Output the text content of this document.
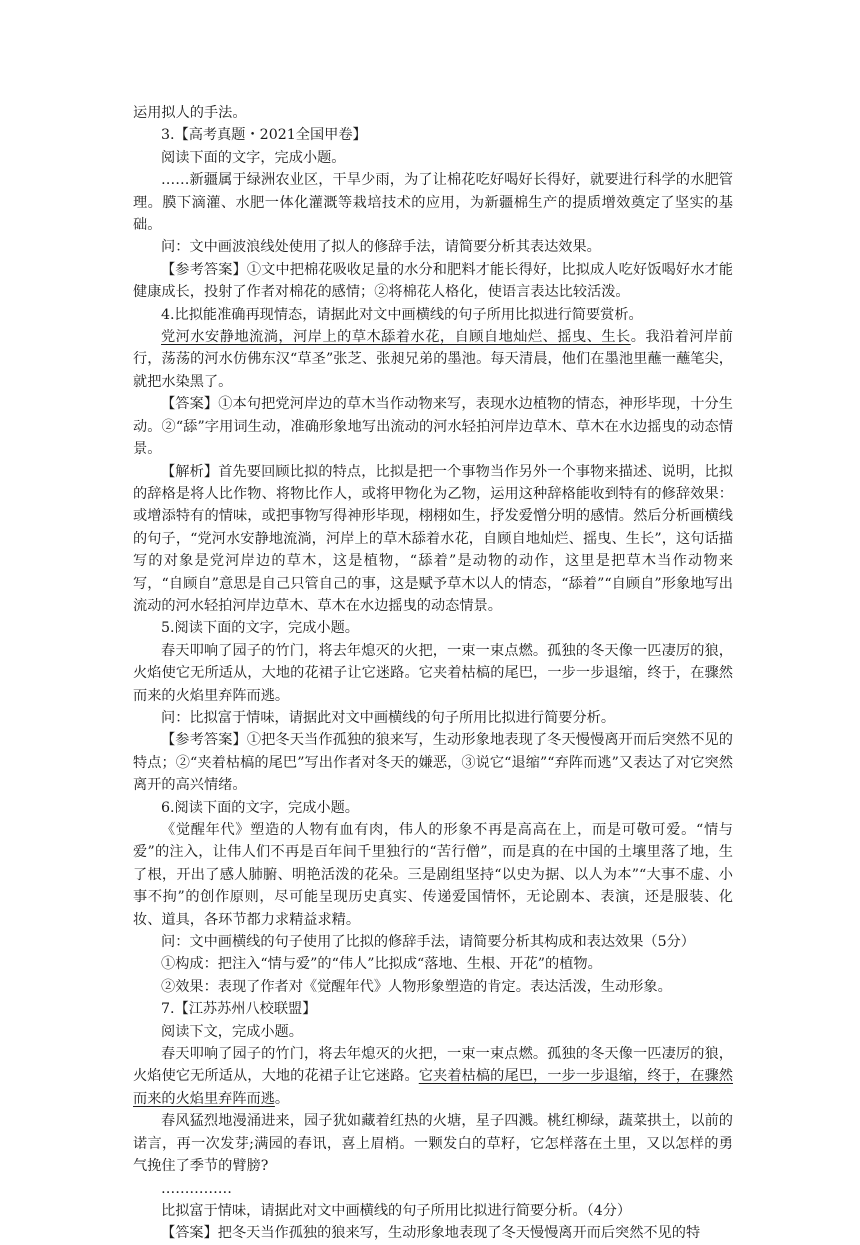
运用拟人的手法。

3.【高考真题・2021全国甲卷】

阅读下面的文字，完成小题。

……新疆属于绿洲农业区，干旱少雨，为了让棉花吃好喝好长得好，就要进行科学的水肥管理。膜下滴灌、水肥一体化灌溉等栽培技术的应用，为新疆棉生产的提质增效奠定了坚实的基础。

问：文中画波浪线处使用了拟人的修辞手法，请简要分析其表达效果。

【参考答案】①文中把棉花吸收足量的水分和肥料才能长得好，比拟成人吃好饭喝好水才能健康成长，投射了作者对棉花的感情；②将棉花人格化，使语言表达比较活泼。

4.比拟能准确再现情态，请据此对文中画横线的句子所用比拟进行简要赏析。

党河水安静地流淌，河岸上的草木舔着水花，自顾自地灿烂、摇曳、生长。我沿着河岸前行，荡荡的河水仿佛东汉“草圣”张芝、张昶兄弟的墨池。每天清晨，他们在墨池里蘸一蘸笔尖，就把水染黑了。

【答案】①本句把党河岸边的草木当作动物来写，表现水边植物的情态，神形毕现，十分生动。②“舔”字用词生动，准确形象地写出流动的河水轻拍河岸边草木、草木在水边摇曳的动态情景。

【解析】首先要回顾比拟的特点，比拟是把一个事物当作另外一个事物来描述、说明，比拟的辞格是将人比作物、将物比作人，或将甲物化为乙物，运用这种辞格能收到特有的修辞效果：或增添特有的情味，或把事物写得神形毕现，栩栩如生，抒发爱憎分明的感情。然后分析画横线的句子，“党河水安静地流淌，河岸上的草木舔着水花，自顾自地灿烂、摇曳、生长”，这句话描写的对象是党河岸边的草木，这是植物，“舔着”是动物的动作，这里是把草木当作动物来写，“自顾自”意思是自己只管自己的事，这是赋予草木以人的情态，“舔着”“自顾自”形象地写出流动的河水轻拍河岸边草木、草木在水边摇曳的动态情景。

5.阅读下面的文字，完成小题。

春天叩响了园子的竹门，将去年熄灭的火把，一束一束点燃。孤独的冬天像一匹凄厉的狼，火焰使它无所适从，大地的花裙子让它迷路。它夹着枯槁的尾巴，一步一步退缩，终于，在骤然而来的火焰里弃阵而逃。

问：比拟富于情味，请据此对文中画横线的句子所用比拟进行简要分析。

【参考答案】①把冬天当作孤独的狼来写，生动形象地表现了冬天慢慢离开而后突然不见的特点；②“夹着枯槁的尾巴”写出作者对冬天的嫌恶，③说它“退缩”“弃阵而逃”又表达了对它突然离开的高兴情绪。

6.阅读下面的文字，完成小题。

《觉醒年代》塑造的人物有血有肉，伟人的形象不再是高高在上，而是可敬可爱。“情与爱”的注入，让伟人们不再是百年间千里独行的“苦行僧”，而是真的在中国的土壤里落了地，生了根，开出了感人肺腑、明艳活泼的花朵。三是剧组坚持“以史为据、以人为本”“大事不虚、小事不拘”的创作原则，尽可能呈现历史真实、传递爱国情怀，无论剧本、表演，还是服装、化妆、道具，各环节都力求精益求精。

问：文中画横线的句子使用了比拟的修辞手法，请简要分析其构成和表达效果（5分）

①构成：把注入“情与爱”的“伟人”比拟成“落地、生根、开花”的植物。

②效果：表现了作者对《觉醒年代》人物形象塑造的肯定。表达活泼，生动形象。

7.【江苏苏州八校联盟】

阅读下文，完成小题。

春天叩响了园子的竹门，将去年熄灭的火把，一束一束点燃。孤独的冬天像一匹凄厉的狼，火焰使它无所适从，大地的花裙子让它迷路。它夹着枯槁的尾巴，一步一步退缩，终于，在骤然而来的火焰里弃阵而逃。

春风猛烈地漫涌进来，园子犹如藏着红热的火塘，星子四溅。桃红柳绿，蔬菜拱土，以前的诺言，再一次发芽;满园的春讯，喜上眉梢。一颗发白的草籽，它怎样落在土里，又以怎样的勇气挽住了季节的臂膀?

……………

比拟富于情味，请据此对文中画横线的句子所用比拟进行简要分析。（4分）

【答案】把冬天当作孤独的狼来写，生动形象地表现了冬天慢慢离开而后突然不见的特
